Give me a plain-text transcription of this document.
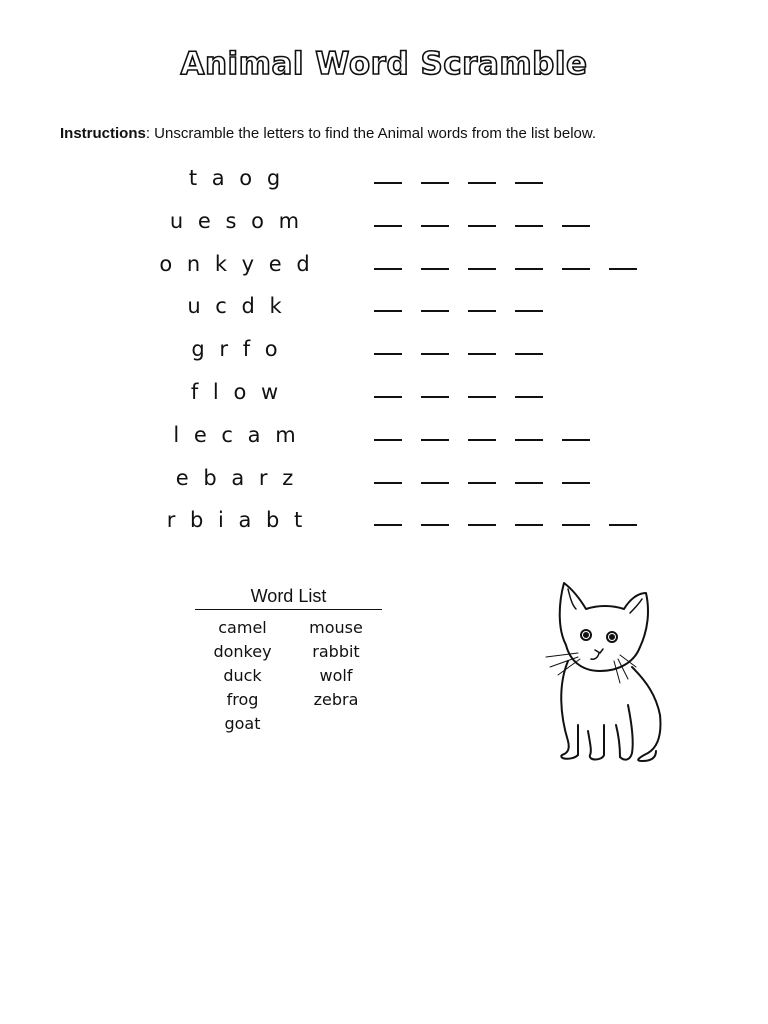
Animal Word Scramble
Instructions: Unscramble the letters to find the Animal words from the list below.
t a o g
u e s o m
o n k y e d
u c d k
g r f o
f l o w
l e c a m
e b a r z
r b i a b t
Word List
camel	mouse
donkey	rabbit
duck	wolf
frog	zebra
goat
